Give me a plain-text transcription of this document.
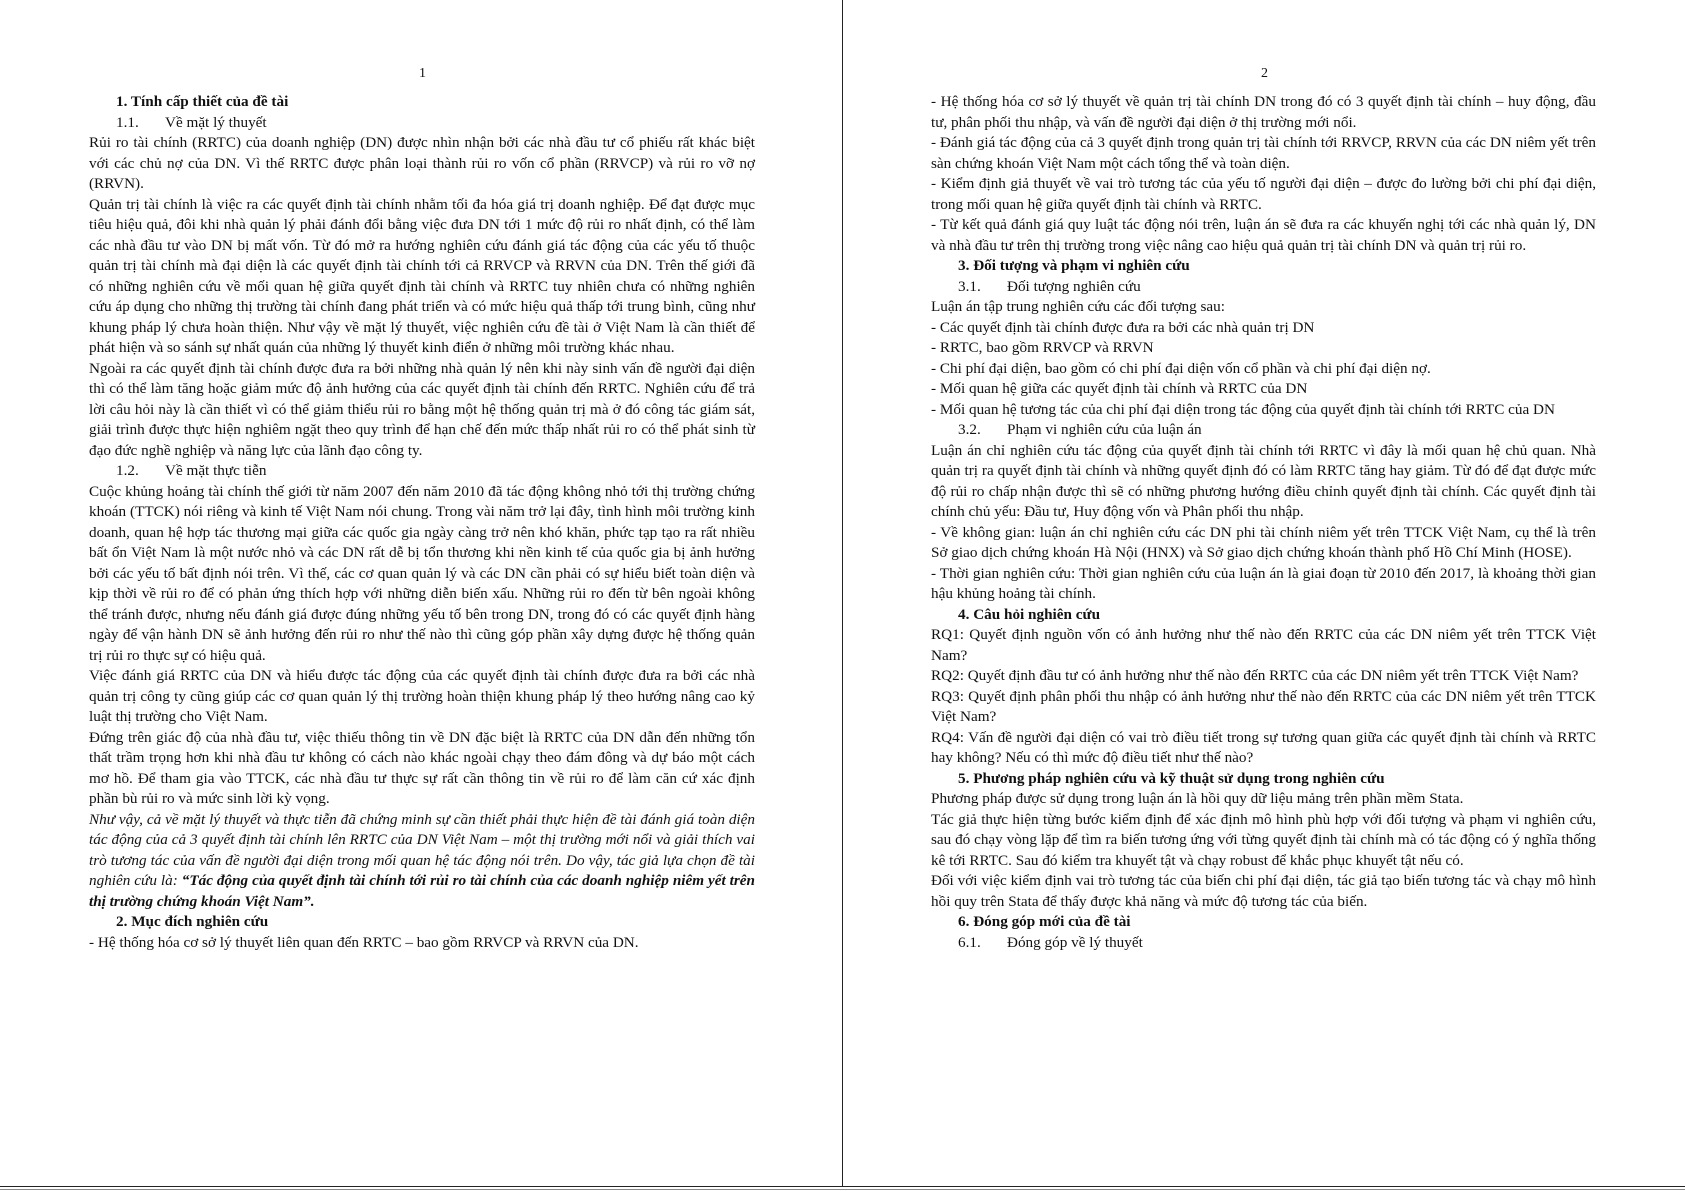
1

1. Tính cấp thiết của đề tài

1.1. Về mặt lý thuyết

Rủi ro tài chính (RRTC) của doanh nghiệp (DN) được nhìn nhận bởi các nhà đầu tư cổ phiếu rất khác biệt với các chủ nợ của DN. Vì thế RRTC được phân loại thành rủi ro vốn cổ phần (RRVCP) và rủi ro vỡ nợ (RRVN).

Quản trị tài chính là việc ra các quyết định tài chính nhằm tối đa hóa giá trị doanh nghiệp. Để đạt được mục tiêu hiệu quả, đôi khi nhà quản lý phải đánh đổi bằng việc đưa DN tới 1 mức độ rủi ro nhất định, có thể làm các nhà đầu tư vào DN bị mất vốn. Từ đó mở ra hướng nghiên cứu đánh giá tác động của các yếu tố thuộc quản trị tài chính mà đại diện là các quyết định tài chính tới cả RRVCP và RRVN của DN. Trên thế giới đã có những nghiên cứu về mối quan hệ giữa quyết định tài chính và RRTC tuy nhiên chưa có những nghiên cứu áp dụng cho những thị trường tài chính đang phát triển và có mức hiệu quả thấp tới trung bình, cũng như khung pháp lý chưa hoàn thiện. Như vậy về mặt lý thuyết, việc nghiên cứu đề tài ở Việt Nam là cần thiết để phát hiện và so sánh sự nhất quán của những lý thuyết kinh điển ở những môi trường khác nhau.

Ngoài ra các quyết định tài chính được đưa ra bởi những nhà quản lý nên khi này sinh vấn đề người đại diện thì có thể làm tăng hoặc giảm mức độ ảnh hưởng của các quyết định tài chính đến RRTC. Nghiên cứu để trả lời câu hỏi này là cần thiết vì có thể giảm thiểu rủi ro bằng một hệ thống quản trị mà ở đó công tác giám sát, giải trình được thực hiện nghiêm ngặt theo quy trình để hạn chế đến mức thấp nhất rủi ro có thể phát sinh từ đạo đức nghề nghiệp và năng lực của lãnh đạo công ty.

1.2. Về mặt thực tiễn

Cuộc khủng hoảng tài chính thế giới từ năm 2007 đến năm 2010 đã tác động không nhỏ tới thị trường chứng khoán (TTCK) nói riêng và kinh tế Việt Nam nói chung. Trong vài năm trở lại đây, tình hình môi trường kinh doanh, quan hệ hợp tác thương mại giữa các quốc gia ngày càng trở nên khó khăn, phức tạp tạo ra rất nhiều bất ổn Việt Nam là một nước nhỏ và các DN rất dễ bị tổn thương khi nền kinh tế của quốc gia bị ảnh hưởng bởi các yếu tố bất định nói trên. Vì thế, các cơ quan quản lý và các DN cần phải có sự hiểu biết toàn diện và kịp thời về rủi ro để có phản ứng thích hợp với những diễn biến xấu. Những rủi ro đến từ bên ngoài không thể tránh được, nhưng nếu đánh giá được đúng những yếu tố bên trong DN, trong đó có các quyết định hàng ngày để vận hành DN sẽ ảnh hưởng đến rủi ro như thế nào thì cũng góp phần xây dựng được hệ thống quản trị rủi ro thực sự có hiệu quả.

Việc đánh giá RRTC của DN và hiểu được tác động của các quyết định tài chính được đưa ra bởi các nhà quản trị công ty cũng giúp các cơ quan quản lý thị trường hoàn thiện khung pháp lý theo hướng nâng cao kỷ luật thị trường cho Việt Nam.

Đứng trên giác độ của nhà đầu tư, việc thiếu thông tin về DN đặc biệt là RRTC của DN dẫn đến những tổn thất trầm trọng hơn khi nhà đầu tư không có cách nào khác ngoài chạy theo đám đông và dự báo một cách mơ hồ. Để tham gia vào TTCK, các nhà đầu tư thực sự rất cần thông tin về rủi ro để làm căn cứ xác định phần bù rủi ro và mức sinh lời kỳ vọng.

Như vậy, cả về mặt lý thuyết và thực tiễn đã chứng minh sự cần thiết phải thực hiện đề tài đánh giá toàn diện tác động của cả 3 quyết định tài chính lên RRTC của DN Việt Nam – một thị trường mới nổi và giải thích vai trò tương tác của vấn đề người đại diện trong mối quan hệ tác động nói trên. Do vậy, tác giả lựa chọn đề tài nghiên cứu là: “Tác động của quyết định tài chính tới rủi ro tài chính của các doanh nghiệp niêm yết trên thị trường chứng khoán Việt Nam”.

2. Mục đích nghiên cứu

- Hệ thống hóa cơ sở lý thuyết liên quan đến RRTC – bao gồm RRVCP và RRVN của DN.

2

- Hệ thống hóa cơ sở lý thuyết về quản trị tài chính DN trong đó có 3 quyết định tài chính – huy động, đầu tư, phân phối thu nhập, và vấn đề người đại diện ở thị trường mới nổi.

- Đánh giá tác động của cả 3 quyết định trong quản trị tài chính tới RRVCP, RRVN của các DN niêm yết trên sàn chứng khoán Việt Nam một cách tổng thể và toàn diện.

- Kiểm định giả thuyết về vai trò tương tác của yếu tố người đại diện – được đo lường bởi chi phí đại diện, trong mối quan hệ giữa quyết định tài chính và RRTC.

- Từ kết quả đánh giá quy luật tác động nói trên, luận án sẽ đưa ra các khuyến nghị tới các nhà quản lý, DN và nhà đầu tư trên thị trường trong việc nâng cao hiệu quả quản trị tài chính DN và quản trị rủi ro.

3. Đối tượng và phạm vi nghiên cứu

3.1. Đối tượng nghiên cứu

Luận án tập trung nghiên cứu các đối tượng sau:

- Các quyết định tài chính được đưa ra bởi các nhà quản trị DN

- RRTC, bao gồm RRVCP và RRVN

- Chi phí đại diện, bao gồm có chi phí đại diện vốn cổ phần và chi phí đại diện nợ.

- Mối quan hệ giữa các quyết định tài chính và RRTC của DN

- Mối quan hệ tương tác của chi phí đại diện trong tác động của quyết định tài chính tới RRTC của DN

3.2. Phạm vi nghiên cứu của luận án

Luận án chỉ nghiên cứu tác động của quyết định tài chính tới RRTC vì đây là mối quan hệ chủ quan. Nhà quản trị ra quyết định tài chính và những quyết định đó có làm RRTC tăng hay giảm. Từ đó để đạt được mức độ rủi ro chấp nhận được thì sẽ có những phương hướng điều chỉnh quyết định tài chính. Các quyết định tài chính chủ yếu: Đầu tư, Huy động vốn và Phân phối thu nhập.

- Về không gian: luận án chỉ nghiên cứu các DN phi tài chính niêm yết trên TTCK Việt Nam, cụ thể là trên Sở giao dịch chứng khoán Hà Nội (HNX) và Sở giao dịch chứng khoán thành phố Hồ Chí Minh (HOSE).

- Thời gian nghiên cứu: Thời gian nghiên cứu của luận án là giai đoạn từ 2010 đến 2017, là khoảng thời gian hậu khủng hoảng tài chính.

4. Câu hỏi nghiên cứu

RQ1: Quyết định nguồn vốn có ảnh hưởng như thế nào đến RRTC của các DN niêm yết trên TTCK Việt Nam?

RQ2: Quyết định đầu tư có ảnh hưởng như thế nào đến RRTC của các DN niêm yết trên TTCK Việt Nam?

RQ3: Quyết định phân phối thu nhập có ảnh hưởng như thế nào đến RRTC của các DN niêm yết trên TTCK Việt Nam?

RQ4: Vấn đề người đại diện có vai trò điều tiết trong sự tương quan giữa các quyết định tài chính và RRTC hay không? Nếu có thì mức độ điều tiết như thế nào?

5. Phương pháp nghiên cứu và kỹ thuật sử dụng trong nghiên cứu

Phương pháp được sử dụng trong luận án là hồi quy dữ liệu mảng trên phần mềm Stata.

Tác giả thực hiện từng bước kiểm định để xác định mô hình phù hợp với đối tượng và phạm vi nghiên cứu, sau đó chạy vòng lặp để tìm ra biến tương ứng với từng quyết định tài chính mà có tác động có ý nghĩa thống kê tới RRTC. Sau đó kiểm tra khuyết tật và chạy robust để khắc phục khuyết tật nếu có.

Đối với việc kiểm định vai trò tương tác của biến chi phí đại diện, tác giả tạo biến tương tác và chạy mô hình hồi quy trên Stata để thấy được khả năng và mức độ tương tác của biến.

6. Đóng góp mới của đề tài

6.1. Đóng góp về lý thuyết
